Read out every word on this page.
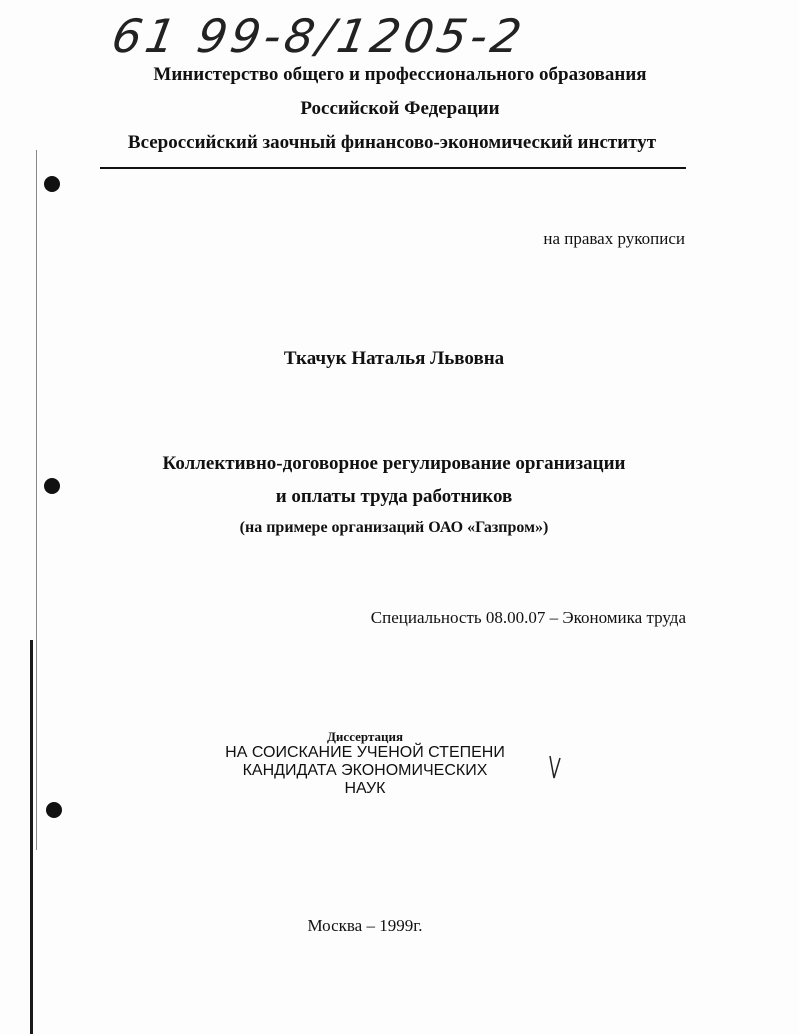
61 99-8/1205-2
Министерство общего и профессионального образования
Российской Федерации
Всероссийский заочный финансово-экономический институт
на правах рукописи
Ткачук Наталья Львовна
Коллективно-договорное регулирование организации
и оплаты труда работников
(на примере организаций ОАО «Газпром»)
Специальность 08.00.07 – Экономика труда
Диссертация
НА СОИСКАНИЕ УЧЕНОЙ СТЕПЕНИ
КАНДИДАТА ЭКОНОМИЧЕСКИХ
НАУК
Москва – 1999г.
